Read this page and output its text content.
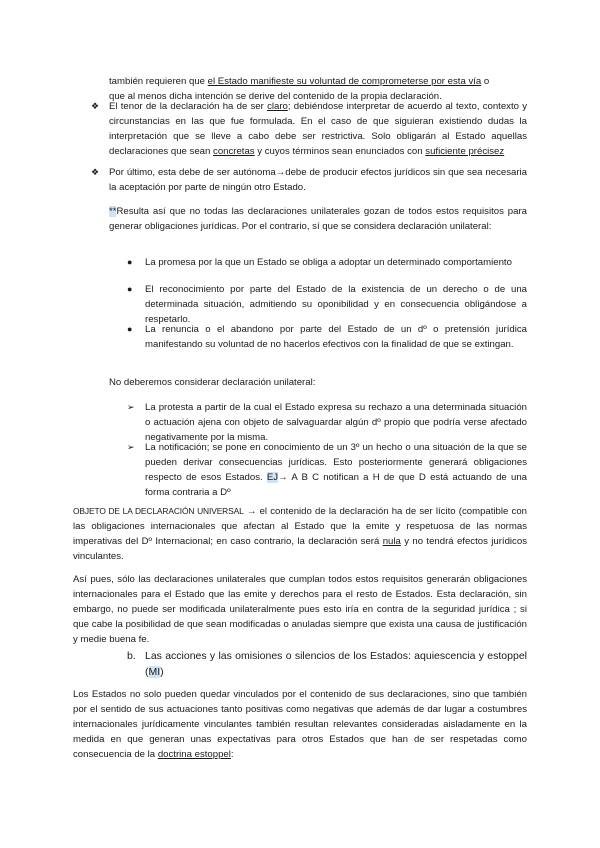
también requieren que el Estado manifieste su voluntad de comprometerse por esta vía o

que al menos dicha intención se derive del contenido de la propia declaración.

❖ El tenor de la declaración ha de ser claro; debiéndose interpretar de acuerdo al texto, contexto y circunstancias en las que fue formulada. En el caso de que siguieran existiendo dudas la interpretación que se lleve a cabo debe ser restrictiva. Solo obligarán al Estado aquellas declaraciones que sean concretas y cuyos términos sean enunciados con suficiente précisez

❖ Por último, esta debe de ser autónoma→debe de producir efectos jurídicos sin que sea necesaria la aceptación por parte de ningún otro Estado.

**Resulta así que no todas las declaraciones unilaterales gozan de todos estos requisitos para generar obligaciones jurídicas. Por el contrario, sí que se considera declaración unilateral:

● La promesa por la que un Estado se obliga a adoptar un determinado comportamiento

● El reconocimiento por parte del Estado de la existencia de un derecho o de una determinada situación, admitiendo su oponibilidad y en consecuencia obligándose a respetarlo.

● La renuncia o el abandono por parte del Estado de un dº o pretensión jurídica manifestando su voluntad de no hacerlos efectivos con la finalidad de que se extingan.

No deberemos considerar declaración unilateral:

➢ La protesta a partir de la cual el Estado expresa su rechazo a una determinada situación o actuación ajena con objeto de salvaguardar algún dº propio que podría verse afectado negativamente por la misma.

➢ La notificación; se pone en conocimiento de un 3º un hecho o una situación de la que se pueden derivar consecuencias jurídicas. Esto posteriormente generará obligaciones respecto de esos Estados. EJ→ A B C notifican a H de que D está actuando de una forma contraria a Dº

OBJETO DE LA DECLARACIÓN UNIVERSAL → el contenido de la declaración ha de ser lícito (compatible con las obligaciones internacionales que afectan al Estado que la emite y respetuosa de las normas imperativas del Dº Internacional; en caso contrario, la declaración será nula y no tendrá efectos jurídicos vinculantes.

Así pues, sólo las declaraciones unilaterales que cumplan todos estos requisitos generarán obligaciones internacionales para el Estado que las emite y derechos para el resto de Estados. Esta declaración, sin embargo, no puede ser modificada unilateralmente pues esto iría en contra de la seguridad jurídica ; si que cabe la posibilidad de que sean modificadas o anuladas siempre que exista una causa de justificación y medie buena fe.

b. Las acciones y las omisiones o silencios de los Estados: aquiescencia y estoppel (MI)

Los Estados no solo pueden quedar vinculados por el contenido de sus declaraciones, sino que también por el sentido de sus actuaciones tanto positivas como negativas que además de dar lugar a costumbres internacionales jurídicamente vinculantes también resultan relevantes consideradas aisladamente en la medida en que generan unas expectativas para otros Estados que han de ser respetadas como consecuencia de la doctrina estoppel:
